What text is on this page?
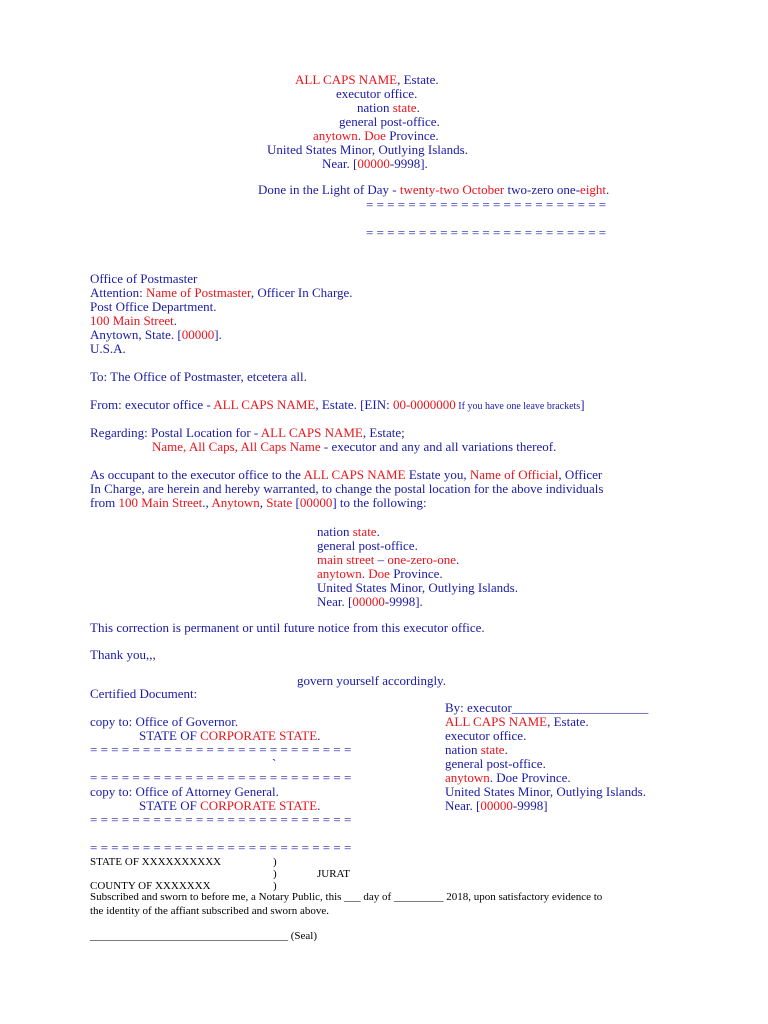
ALL CAPS NAME, Estate.
executor office.
nation state.
general post-office.
anytown. Doe Province.
United States Minor, Outlying Islands.
Near. [00000-9998].
Done in the Light of Day - twenty-two October two-zero one-eight.
= = = = = = = = = = = = = = = = = = = = = = =
= = = = = = = = = = = = = = = = = = = = = = =
Office of Postmaster
Attention: Name of Postmaster, Officer In Charge.
Post Office Department.
100 Main Street.
Anytown, State. [00000].
U.S.A.
To: The Office of Postmaster, etcetera all.
From: executor office - ALL CAPS NAME, Estate. [EIN: 00-0000000 If you have one leave brackets]
Regarding: Postal Location for - ALL CAPS NAME, Estate;
Name, All Caps, All Caps Name - executor and any and all variations thereof.
As occupant to the executor office to the ALL CAPS NAME Estate you, Name of Official, Officer
In Charge, are herein and hereby warranted, to change the postal location for the above individuals
from 100 Main Street., Anytown, State [00000] to the following:
nation state.
general post-office.
main street – one-zero-one.
anytown. Doe Province.
United States Minor, Outlying Islands.
Near. [00000-9998].
This correction is permanent or until future notice from this executor office.
Thank you,,,
govern yourself accordingly.
Certified Document:
copy to: Office of Governor.
STATE OF CORPORATE STATE.
= = = = = = = = = = = = = = = = = = = = = = = = =
`
= = = = = = = = = = = = = = = = = = = = = = = = =
copy to: Office of Attorney General.
STATE OF CORPORATE STATE.
= = = = = = = = = = = = = = = = = = = = = = = = =
= = = = = = = = = = = = = = = = = = = = = = = = =
By: executor_____________________
ALL CAPS NAME, Estate.
executor office.
nation state.
general post-office.
anytown. Doe Province.
United States Minor, Outlying Islands.
Near. [00000-9998]
STATE OF XXXXXXXXXX	)
)	JURAT
COUNTY OF XXXXXXX	)
Subscribed and sworn to before me, a Notary Public, this ___ day of _________ 2018, upon satisfactory evidence to
the identity of the affiant subscribed and sworn above.
____________________________________ (Seal)
